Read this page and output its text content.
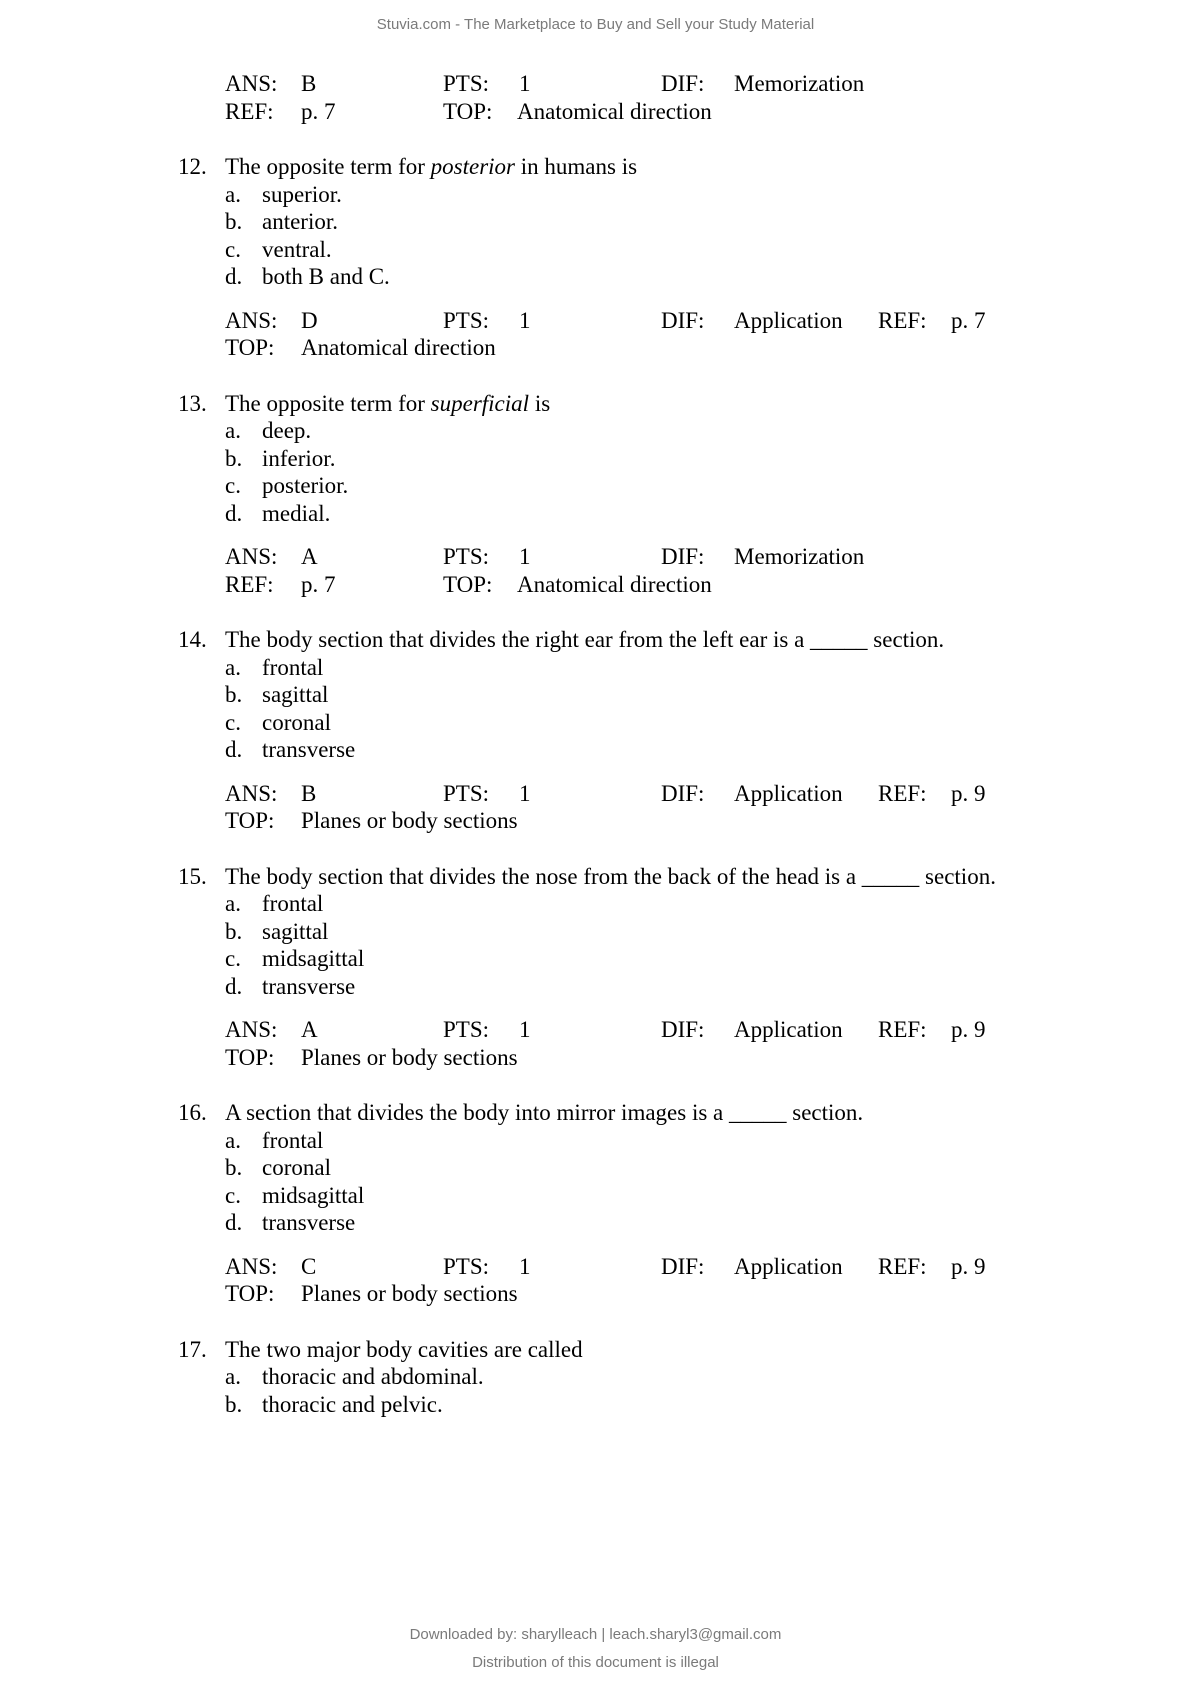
Stuvia.com - The Marketplace to Buy and Sell your Study Material
ANS: B	PTS: 1	DIF: Memorization
REF: p. 7	TOP: Anatomical direction
12. The opposite term for posterior in humans is
a. superior.
b. anterior.
c. ventral.
d. both B and C.
ANS: D	PTS: 1	DIF: Application REF: p. 7
TOP: Anatomical direction
13. The opposite term for superficial is
a. deep.
b. inferior.
c. posterior.
d. medial.
ANS: A	PTS: 1	DIF: Memorization
REF: p. 7	TOP: Anatomical direction
14. The body section that divides the right ear from the left ear is a _____ section.
a. frontal
b. sagittal
c. coronal
d. transverse
ANS: B	PTS: 1	DIF: Application REF: p. 9
TOP: Planes or body sections
15. The body section that divides the nose from the back of the head is a _____ section.
a. frontal
b. sagittal
c. midsagittal
d. transverse
ANS: A	PTS: 1	DIF: Application REF: p. 9
TOP: Planes or body sections
16. A section that divides the body into mirror images is a _____ section.
a. frontal
b. coronal
c. midsagittal
d. transverse
ANS: C	PTS: 1	DIF: Application REF: p. 9
TOP: Planes or body sections
17. The two major body cavities are called
a. thoracic and abdominal.
b. thoracic and pelvic.
Downloaded by: sharylleach | leach.sharyl3@gmail.com
Distribution of this document is illegal
